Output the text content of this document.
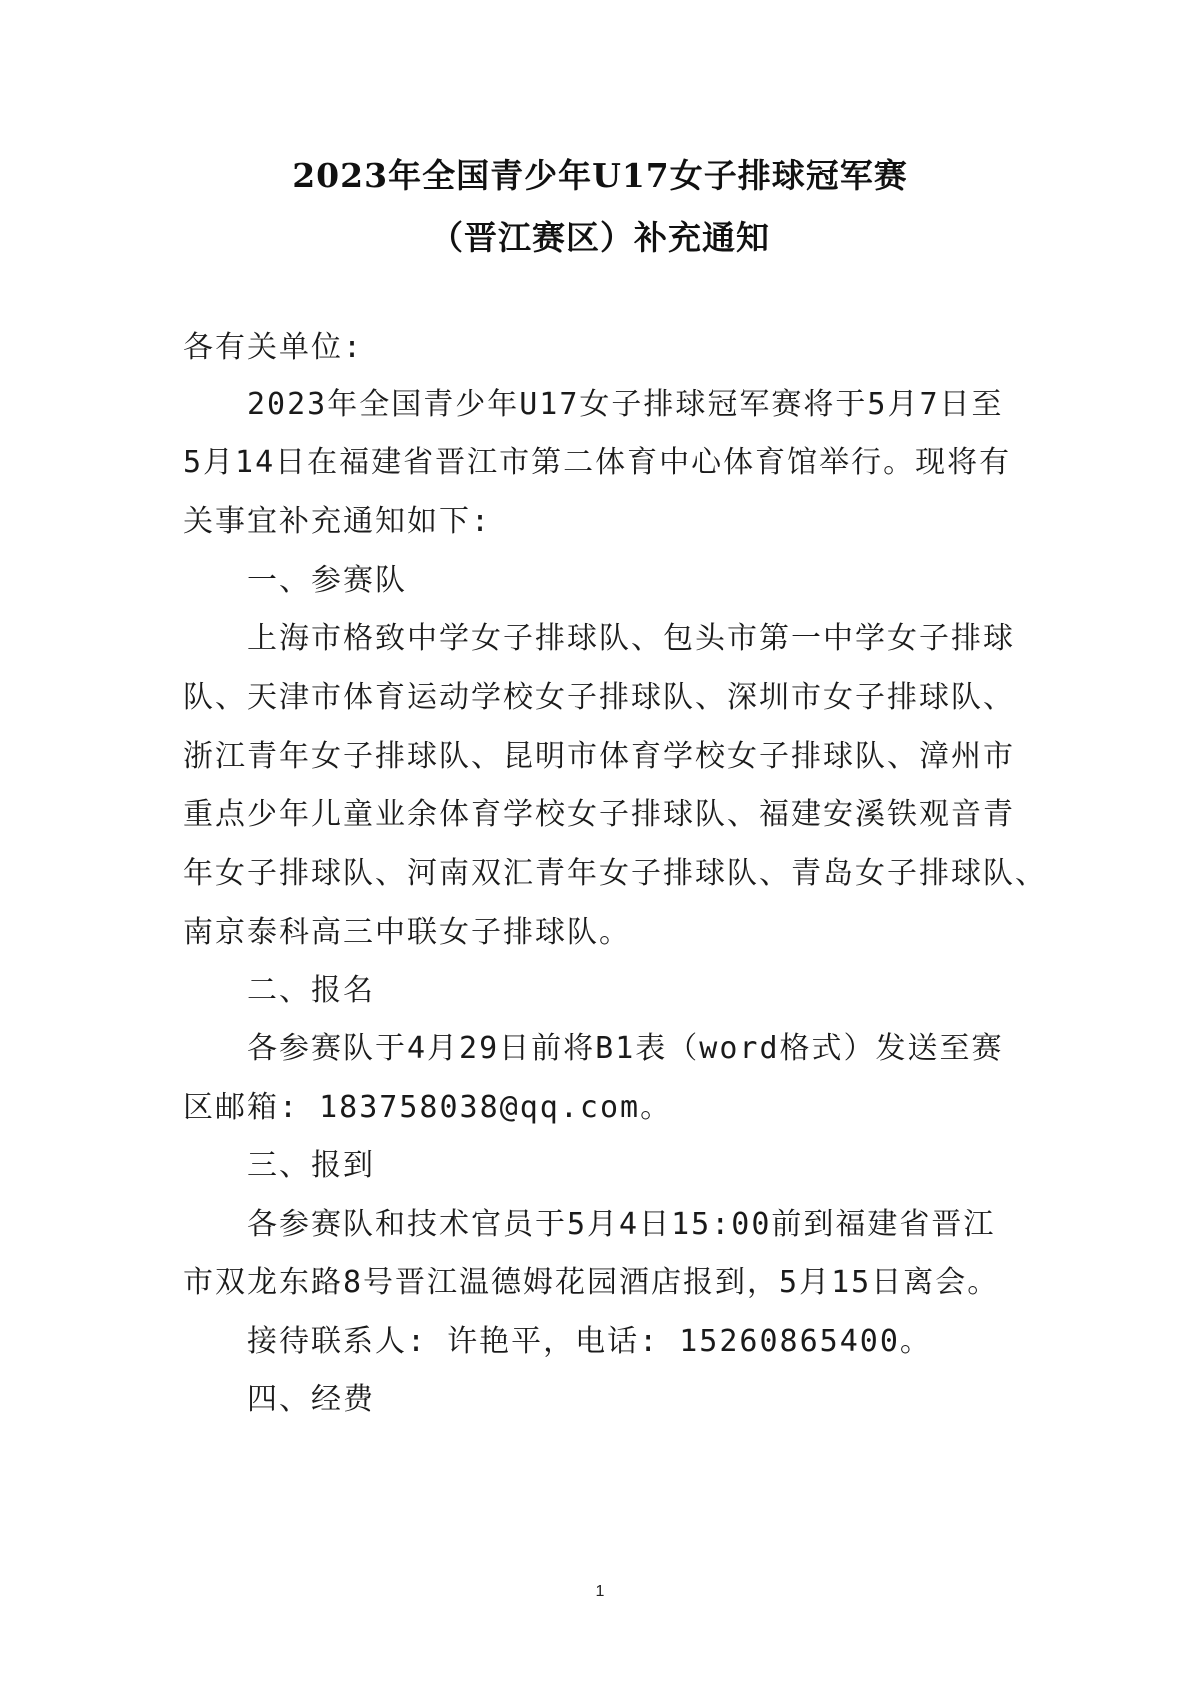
2023年全国青少年U17女子排球冠军赛
（晋江赛区）补充通知
各有关单位:
2023年全国青少年U17女子排球冠军赛将于5月7日至
5月14日在福建省晋江市第二体育中心体育馆举行。现将有
关事宜补充通知如下:
一、参赛队
上海市格致中学女子排球队、包头市第一中学女子排球
队、天津市体育运动学校女子排球队、深圳市女子排球队、
浙江青年女子排球队、昆明市体育学校女子排球队、漳州市
重点少年儿童业余体育学校女子排球队、福建安溪铁观音青
年女子排球队、河南双汇青年女子排球队、青岛女子排球队、
南京泰科高三中联女子排球队。
二、报名
各参赛队于4月29日前将B1表（word格式）发送至赛
区邮箱: 183758038@qq.com。
三、报到
各参赛队和技术官员于5月4日15:00前到福建省晋江
市双龙东路8号晋江温德姆花园酒店报到，5月15日离会。
接待联系人: 许艳平，电话: 15260865400。
四、经费
1
